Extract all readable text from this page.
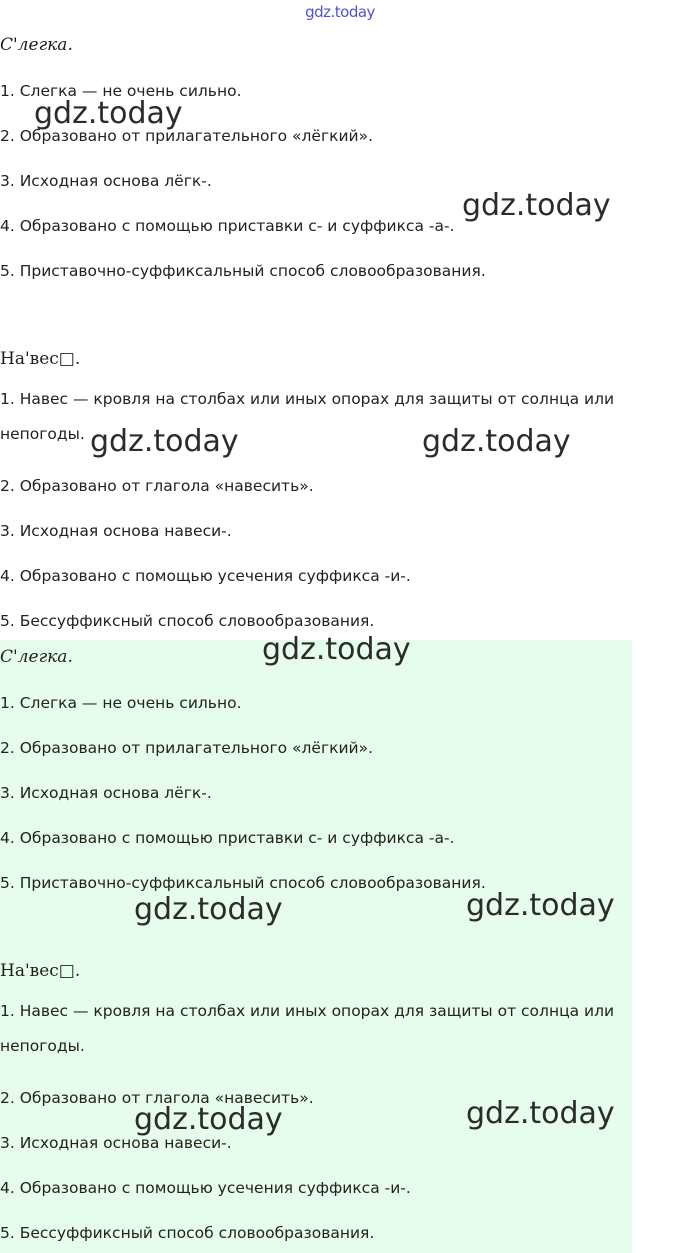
gdz.today
С'легка.
1. Слегка — не очень сильно.
2. Образовано от прилагательного «лёгкий».
3. Исходная основа лёгк-.
4. Образовано с помощью приставки с- и суффикса -а-.
5. Приставочно-суффиксальный способ словообразования.
На'вес□.
1. Навес — кровля на столбах или иных опорах для защиты от солнца или непогоды.
2. Образовано от глагола «навесить».
3. Исходная основа навеси-.
4. Образовано с помощью усечения суффикса -и-.
5. Бессуффиксный способ словообразования.
С'легка.
1. Слегка — не очень сильно.
2. Образовано от прилагательного «лёгкий».
3. Исходная основа лёгк-.
4. Образовано с помощью приставки с- и суффикса -а-.
5. Приставочно-суффиксальный способ словообразования.
На'вес□.
1. Навес — кровля на столбах или иных опорах для защиты от солнца или непогоды.
2. Образовано от глагола «навесить».
3. Исходная основа навеси-.
4. Образовано с помощью усечения суффикса -и-.
5. Бессуффиксный способ словообразования.
gdz.today
gdz.today
gdz.today	gdz.today
gdz.today
gdz.today	gdz.today
gdz.today	gdz.today
